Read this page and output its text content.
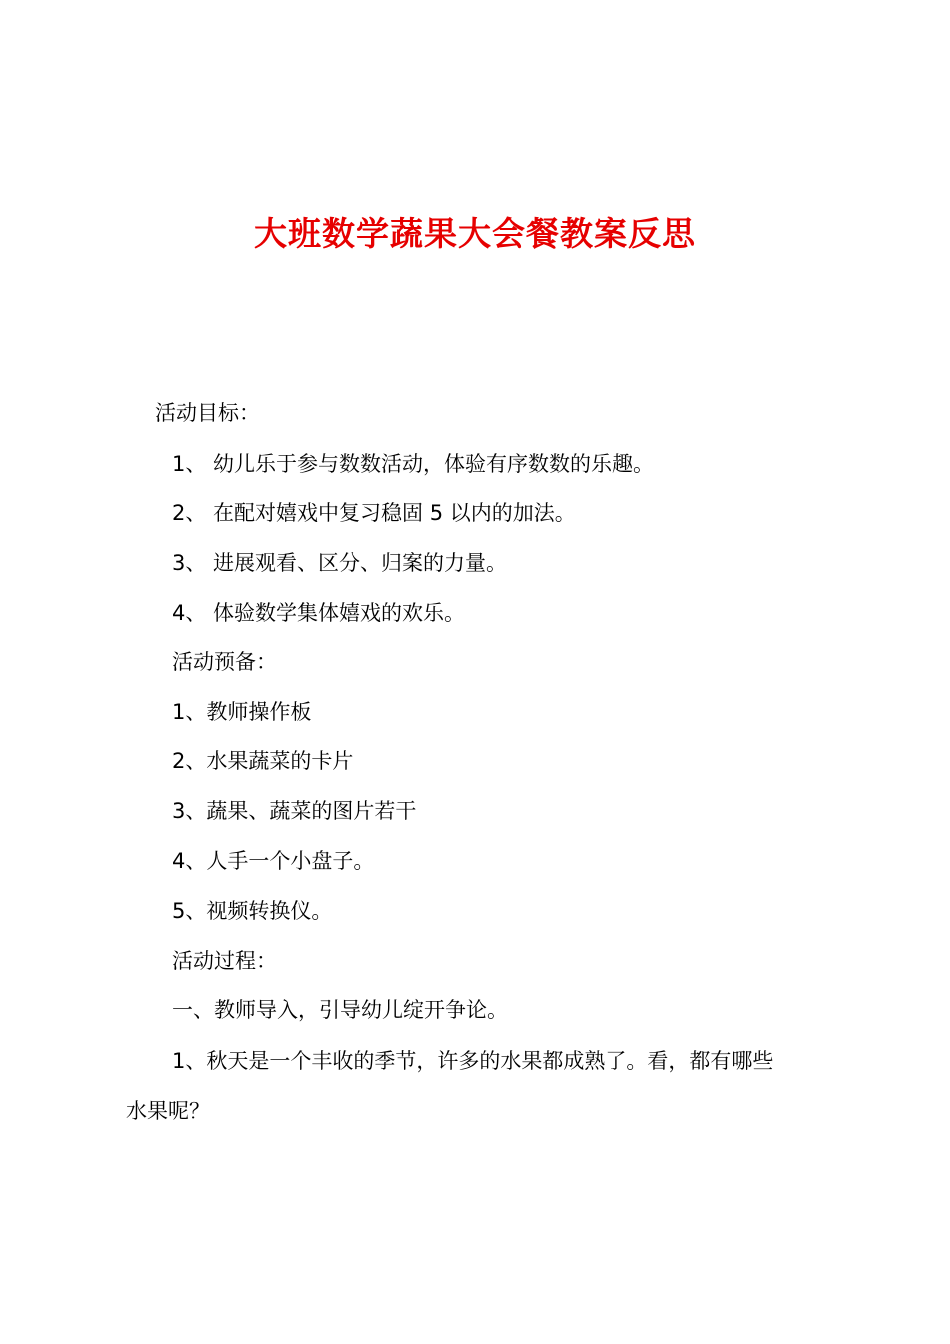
大班数学蔬果大会餐教案反思
活动目标：
1、 幼儿乐于参与数数活动，体验有序数数的乐趣。
2、 在配对嬉戏中复习稳固 5 以内的加法。
3、 进展观看、区分、归案的力量。
4、 体验数学集体嬉戏的欢乐。
活动预备：
1、教师操作板
2、水果蔬菜的卡片
3、蔬果、蔬菜的图片若干
4、人手一个小盘子。
5、视频转换仪。
活动过程：
一、教师导入，引导幼儿绽开争论。
1、秋天是一个丰收的季节，许多的水果都成熟了。看，都有哪些
水果呢？
